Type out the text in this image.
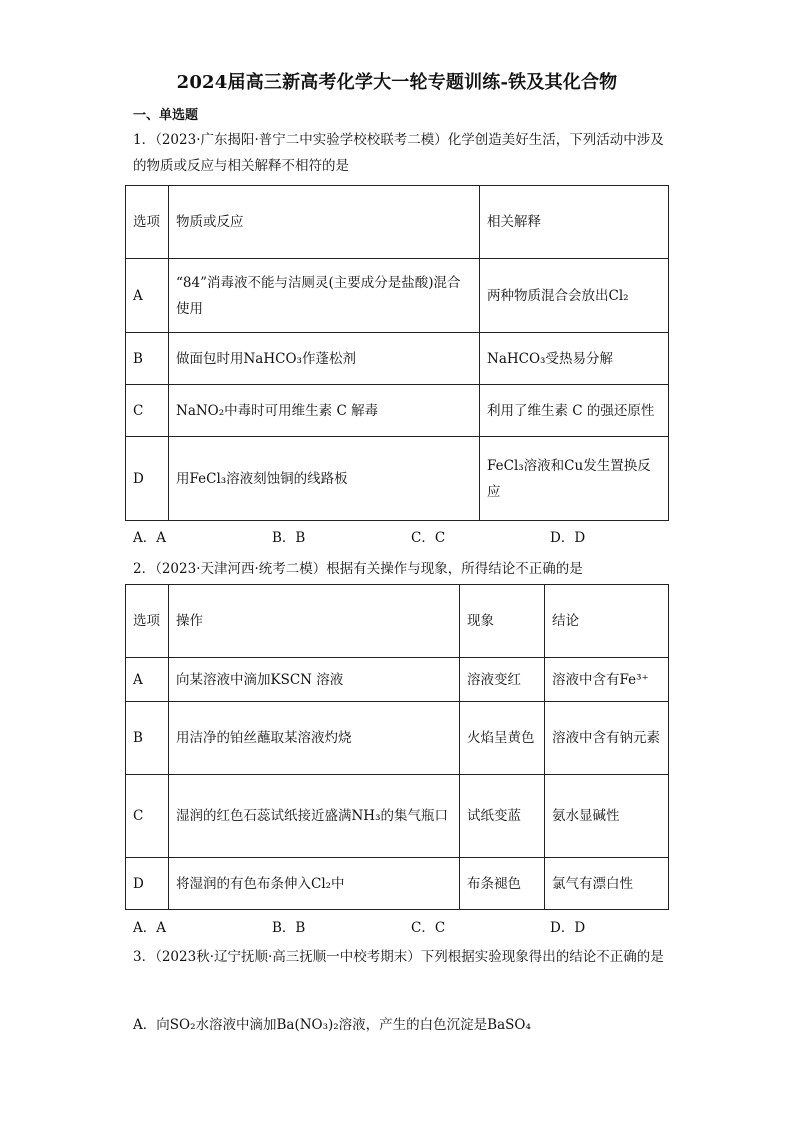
2024届高三新高考化学大一轮专题训练-铁及其化合物
一、单选题
1．（2023·广东揭阳·普宁二中实验学校校联考二模）化学创造美好生活，下列活动中涉及的物质或反应与相关解释不相符的是
选项	物质或反应	相关解释
A	“84”消毒液不能与洁厕灵(主要成分是盐酸)混合使用	两种物质混合会放出Cl₂
B	做面包时用NaHCO₃作蓬松剂	NaHCO₃受热易分解
C	NaNO₂中毒时可用维生素 C 解毒	利用了维生素 C 的强还原性
D	用FeCl₃溶液刻蚀铜的线路板	FeCl₃溶液和Cu发生置换反应
A．A	B．B	C．C	D．D
2．（2023·天津河西·统考二模）根据有关操作与现象，所得结论不正确的是
选项	操作	现象	结论
A	向某溶液中滴加KSCN 溶液	溶液变红	溶液中含有Fe³⁺
B	用洁净的铂丝蘸取某溶液灼烧	火焰呈黄色	溶液中含有钠元素
C	湿润的红色石蕊试纸接近盛满NH₃的集气瓶口	试纸变蓝	氨水显碱性
D	将湿润的有色布条伸入Cl₂中	布条褪色	氯气有漂白性
A．A	B．B	C．C	D．D
3．（2023秋·辽宁抚顺·高三抚顺一中校考期末）下列根据实验现象得出的结论不正确的是
A．向SO₂水溶液中滴加Ba(NO₃)₂溶液，产生的白色沉淀是BaSO₄
